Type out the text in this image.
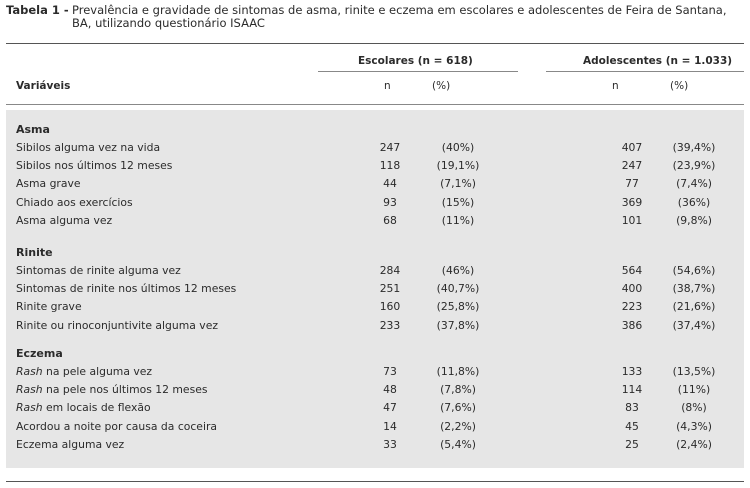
Tabela 1 - Prevalência e gravidade de sintomas de asma, rinite e eczema em escolares e adolescentes de Feira de Santana, BA, utilizando questionário ISAAC
Escolares (n = 618)	Adolescentes (n = 1.033)
Variáveis	n	(%)	n	(%)
Asma
Sibilos alguma vez na vida	247	(40%)	407	(39,4%)
Sibilos nos últimos 12 meses	118	(19,1%)	247	(23,9%)
Asma grave	44	(7,1%)	77	(7,4%)
Chiado aos exercícios	93	(15%)	369	(36%)
Asma alguma vez	68	(11%)	101	(9,8%)
Rinite
Sintomas de rinite alguma vez	284	(46%)	564	(54,6%)
Sintomas de rinite nos últimos 12 meses	251	(40,7%)	400	(38,7%)
Rinite grave	160	(25,8%)	223	(21,6%)
Rinite ou rinoconjuntivite alguma vez	233	(37,8%)	386	(37,4%)
Eczema
Rash na pele alguma vez	73	(11,8%)	133	(13,5%)
Rash na pele nos últimos 12 meses	48	(7,8%)	114	(11%)
Rash em locais de flexão	47	(7,6%)	83	(8%)
Acordou a noite por causa da coceira	14	(2,2%)	45	(4,3%)
Eczema alguma vez	33	(5,4%)	25	(2,4%)
